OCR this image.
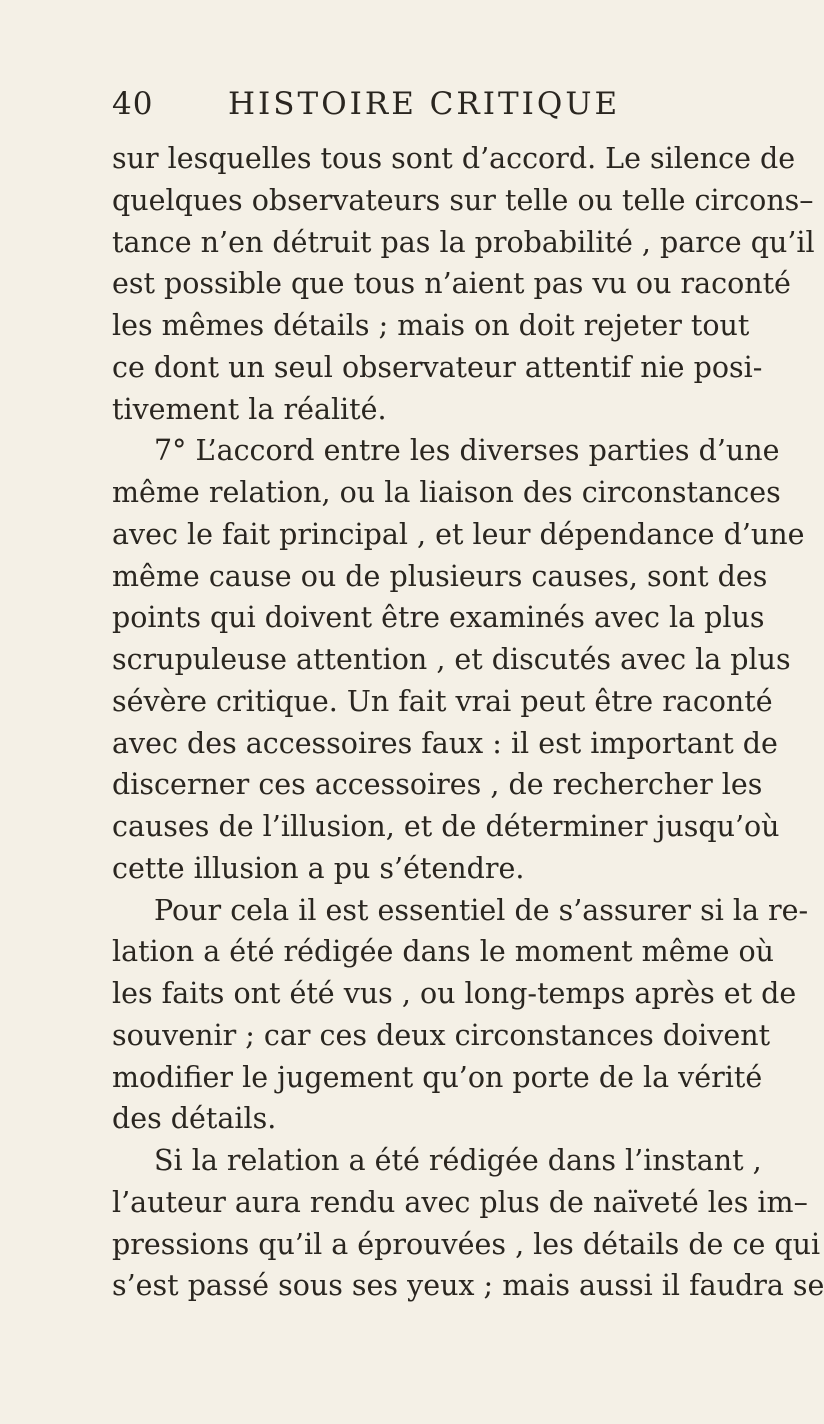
40 HISTOIRE CRITIQUE
sur lesquelles tous sont d’accord. Le silence de
quelques observateurs sur telle ou telle circons–
tance n’en détruit pas la probabilité , parce qu’il
est possible que tous n’aient pas vu ou raconté
les mêmes détails ; mais on doit rejeter tout
ce dont un seul observateur attentif nie posi-
tivement la réalité.
7° L’accord entre les diverses parties d’une
même relation, ou la liaison des circonstances
avec le fait principal , et leur dépendance d’une
même cause ou de plusieurs causes, sont des
points qui doivent être examinés avec la plus
scrupuleuse attention , et discutés avec la plus
sévère critique. Un fait vrai peut être raconté
avec des accessoires faux : il est important de
discerner ces accessoires , de rechercher les
causes de l’illusion, et de déterminer jusqu’où
cette illusion a pu s’étendre.
Pour cela il est essentiel de s’assurer si la re-
lation a été rédigée dans le moment même où
les faits ont été vus , ou long-temps après et de
souvenir ; car ces deux circonstances doivent
modifier le jugement qu’on porte de la vérité
des détails.
Si la relation a été rédigée dans l’instant ,
l’auteur aura rendu avec plus de naïveté les im–
pressions qu’il a éprouvées , les détails de ce qui
s’est passé sous ses yeux ; mais aussi il faudra se
